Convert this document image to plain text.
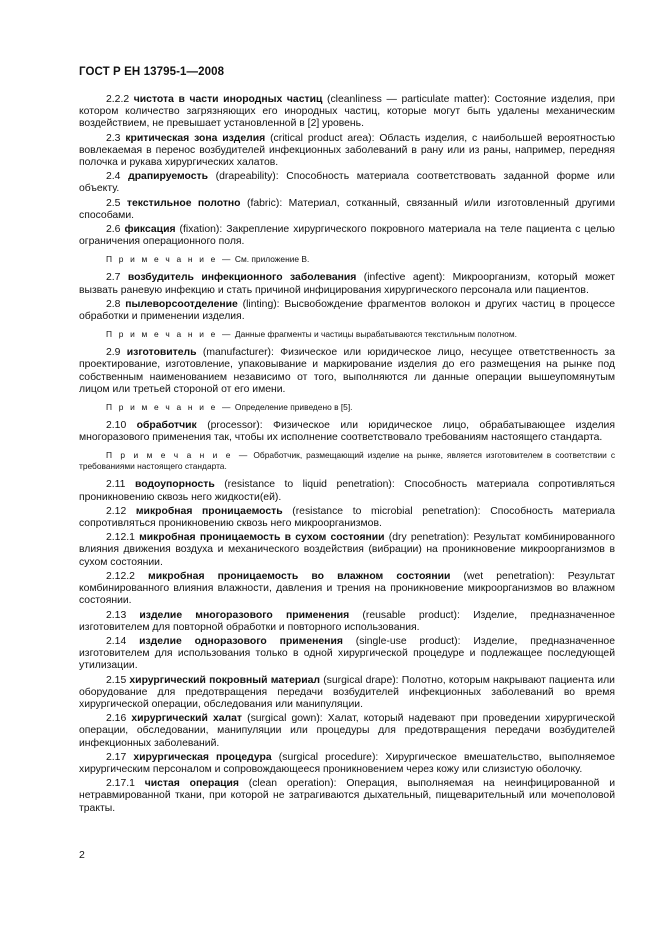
ГОСТ Р ЕН 13795-1—2008

2.2.2 чистота в части инородных частиц (cleanliness — particulate matter): Состояние изделия, при котором количество загрязняющих его инородных частиц, которые могут быть удалены механическим воздействием, не превышает установленной в [2] уровень.

2.3 критическая зона изделия (critical product area): Область изделия, с наибольшей вероятностью вовлекаемая в перенос возбудителей инфекционных заболеваний в рану или из раны, например, передняя полочка и рукава хирургических халатов.

2.4 драпируемость (drapeability): Способность материала соответствовать заданной форме или объекту.

2.5 текстильное полотно (fabric): Материал, сотканный, связанный и/или изготовленный другими способами.

2.6 фиксация (fixation): Закрепление хирургического покровного материала на теле пациента с целью ограничения операционного поля.

П р и м е ч а н и е — См. приложение В.

2.7 возбудитель инфекционного заболевания (infective agent): Микроорганизм, который может вызвать раневую инфекцию и стать причиной инфицирования хирургического персонала или пациентов.

2.8 пылеворсоотделение (linting): Высвобождение фрагментов волокон и других частиц в процессе обработки и применении изделия.

П р и м е ч а н и е — Данные фрагменты и частицы вырабатываются текстильным полотном.

2.9 изготовитель (manufacturer): Физическое или юридическое лицо, несущее ответственность за проектирование, изготовление, упаковывание и маркирование изделия до его размещения на рынке под собственным наименованием независимо от того, выполняются ли данные операции вышеупомянутым лицом или третьей стороной от его имени.

П р и м е ч а н и е — Определение приведено в [5].

2.10 обработчик (processor): Физическое или юридическое лицо, обрабатывающее изделия многоразового применения так, чтобы их исполнение соответствовало требованиям настоящего стандарта.

П р и м е ч а н и е — Обработчик, размещающий изделие на рынке, является изготовителем в соответствии с требованиями настоящего стандарта.

2.11 водоупорность (resistance to liquid penetration): Способность материала сопротивляться проникновению сквозь него жидкости(ей).

2.12 микробная проницаемость (resistance to microbial penetration): Способность материала сопротивляться проникновению сквозь него микроорганизмов.

2.12.1 микробная проницаемость в сухом состоянии (dry penetration): Результат комбинированного влияния движения воздуха и механического воздействия (вибрации) на проникновение микроорганизмов в сухом состоянии.

2.12.2 микробная проницаемость во влажном состоянии (wet penetration): Результат комбинированного влияния влажности, давления и трения на проникновение микроорганизмов во влажном состоянии.

2.13 изделие многоразового применения (reusable product): Изделие, предназначенное изготовителем для повторной обработки и повторного использования.

2.14 изделие одноразового применения (single-use product): Изделие, предназначенное изготовителем для использования только в одной хирургической процедуре и подлежащее последующей утилизации.

2.15 хирургический покровный материал (surgical drape): Полотно, которым накрывают пациента или оборудование для предотвращения передачи возбудителей инфекционных заболеваний во время хирургической операции, обследования или манипуляции.

2.16 хирургический халат (surgical gown): Халат, который надевают при проведении хирургической операции, обследовании, манипуляции или процедуры для предотвращения передачи возбудителей инфекционных заболеваний.

2.17 хирургическая процедура (surgical procedure): Хирургическое вмешательство, выполняемое хирургическим персоналом и сопровождающееся проникновением через кожу или слизистую оболочку.

2.17.1 чистая операция (clean operation): Операция, выполняемая на неинфицированной и нетравмированной ткани, при которой не затрагиваются дыхательный, пищеварительный или мочеполовой тракты.

2
